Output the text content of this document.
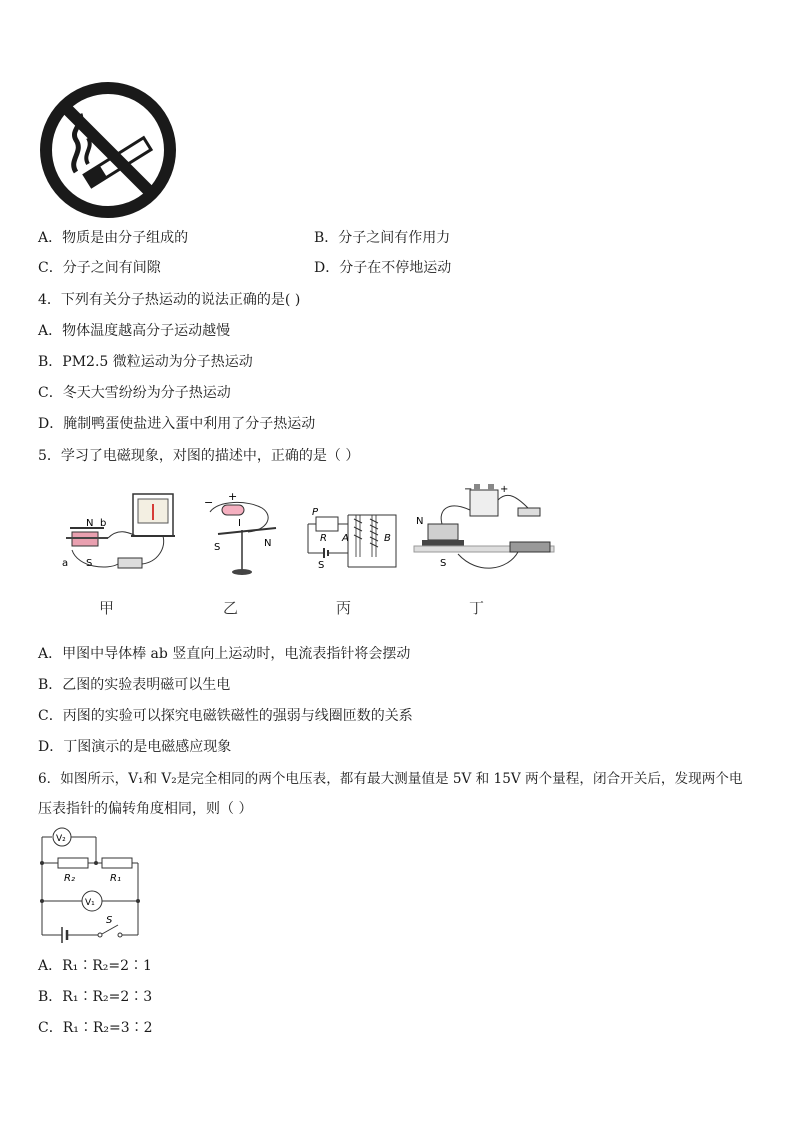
A．物质是由分子组成的	B．分子之间有作用力
C．分子之间有间隙	D．分子在不停地运动
4．下列有关分子热运动的说法正确的是( )
A．物体温度越高分子运动越慢
B．PM2.5 微粒运动为分子热运动
C．冬天大雪纷纷为分子热运动
D．腌制鸭蛋使盐进入蛋中利用了分子热运动
5．学习了电磁现象，对图的描述中，正确的是（ ）
N b
a S
− +
I
S	N
P
R A	B
S
−	+
N
S
甲	乙	丙	丁
A．甲图中导体棒 ab 竖直向上运动时，电流表指针将会摆动
B．乙图的实验表明磁可以生电
C．丙图的实验可以探究电磁铁磁性的强弱与线圈匝数的关系
D．丁图演示的是电磁感应现象
6．如图所示，V₁和 V₂是完全相同的两个电压表，都有最大测量值是 5V 和 15V 两个量程，闭合开关后，发现两个电
压表指针的偏转角度相同，则（ ）
V₂
R₂	R₁
V₁
S
A．R₁∶R₂=2∶1
B．R₁∶R₂=2∶3
C．R₁∶R₂=3∶2
